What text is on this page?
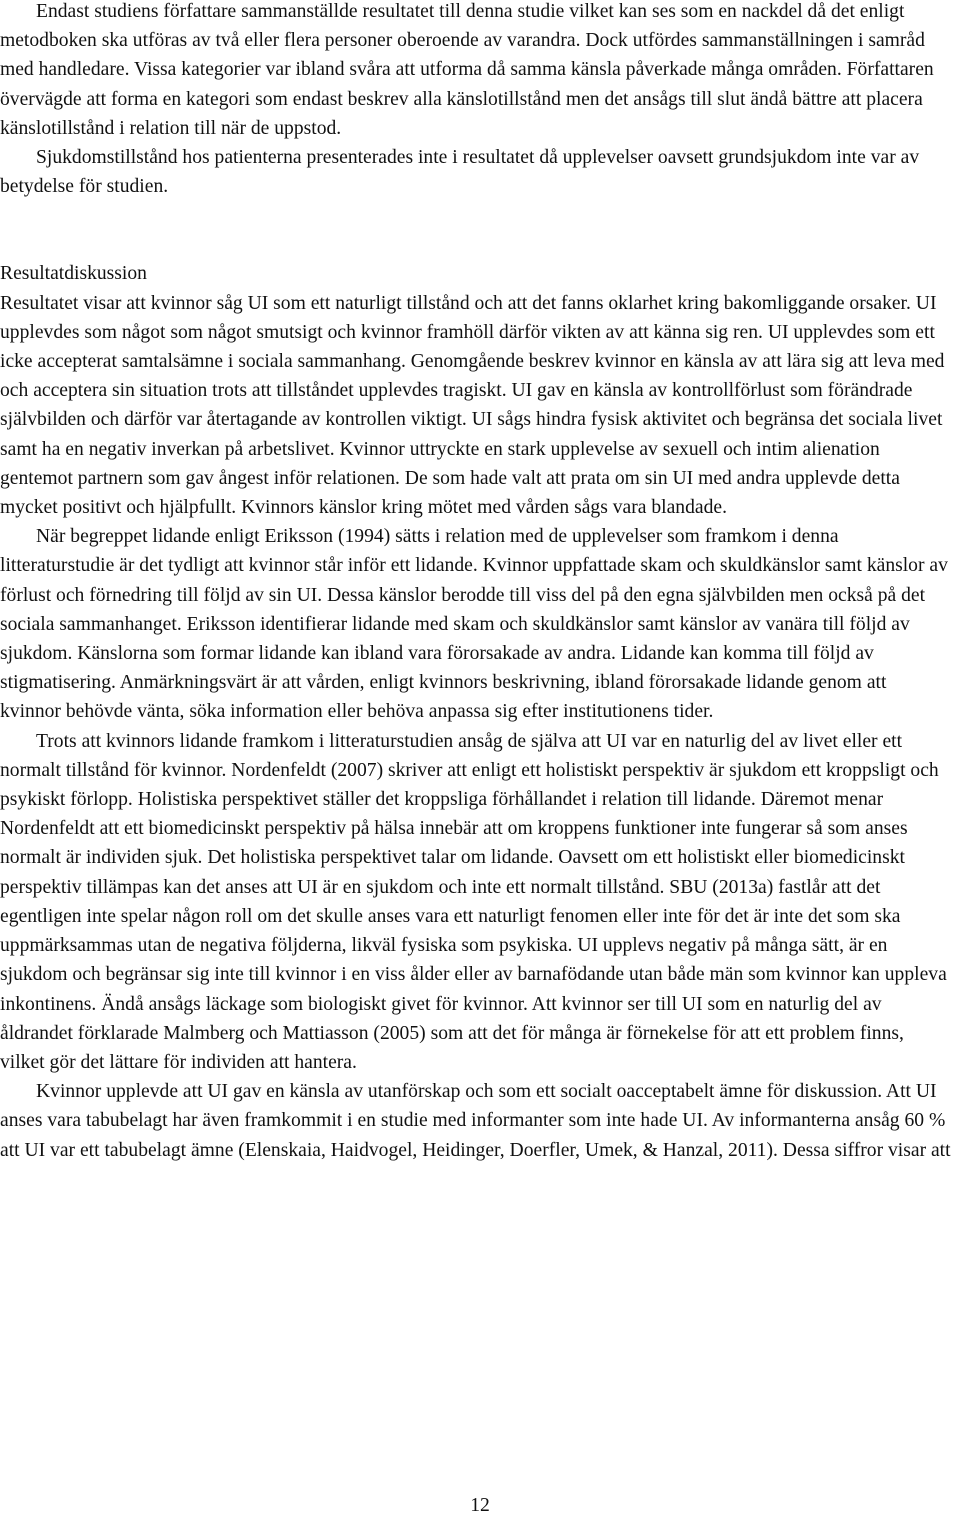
Endast studiens författare sammanställde resultatet till denna studie vilket kan ses som en nackdel då det enligt metodboken ska utföras av två eller flera personer oberoende av varandra. Dock utfördes sammanställningen i samråd med handledare. Vissa kategorier var ibland svåra att utforma då samma känsla påverkade många områden. Författaren övervägde att forma en kategori som endast beskrev alla känslotillstånd men det ansågs till slut ändå bättre att placera känslotillstånd i relation till när de uppstod.

Sjukdomstillstånd hos patienterna presenterades inte i resultatet då upplevelser oavsett grundsjukdom inte var av betydelse för studien.

Resultatdiskussion

Resultatet visar att kvinnor såg UI som ett naturligt tillstånd och att det fanns oklarhet kring bakomliggande orsaker. UI upplevdes som något som något smutsigt och kvinnor framhöll därför vikten av att känna sig ren. UI upplevdes som ett icke accepterat samtalsämne i sociala sammanhang. Genomgående beskrev kvinnor en känsla av att lära sig att leva med och acceptera sin situation trots att tillståndet upplevdes tragiskt. UI gav en känsla av kontrollförlust som förändrade självbilden och därför var återtagande av kontrollen viktigt. UI sågs hindra fysisk aktivitet och begränsa det sociala livet samt ha en negativ inverkan på arbetslivet. Kvinnor uttryckte en stark upplevelse av sexuell och intim alienation gentemot partnern som gav ångest inför relationen. De som hade valt att prata om sin UI med andra upplevde detta mycket positivt och hjälpfullt. Kvinnors känslor kring mötet med vården sågs vara blandade.

När begreppet lidande enligt Eriksson (1994) sätts i relation med de upplevelser som framkom i denna litteraturstudie är det tydligt att kvinnor står inför ett lidande. Kvinnor uppfattade skam och skuldkänslor samt känslor av förlust och förnedring till följd av sin UI. Dessa känslor berodde till viss del på den egna självbilden men också på det sociala sammanhanget. Eriksson identifierar lidande med skam och skuldkänslor samt känslor av vanära till följd av sjukdom. Känslorna som formar lidande kan ibland vara förorsakade av andra. Lidande kan komma till följd av stigmatisering. Anmärkningsvärt är att vården, enligt kvinnors beskrivning, ibland förorsakade lidande genom att kvinnor behövde vänta, söka information eller behöva anpassa sig efter institutionens tider.

Trots att kvinnors lidande framkom i litteraturstudien ansåg de själva att UI var en naturlig del av livet eller ett normalt tillstånd för kvinnor. Nordenfeldt (2007) skriver att enligt ett holistiskt perspektiv är sjukdom ett kroppsligt och psykiskt förlopp. Holistiska perspektivet ställer det kroppsliga förhållandet i relation till lidande. Däremot menar Nordenfeldt att ett biomedicinskt perspektiv på hälsa innebär att om kroppens funktioner inte fungerar så som anses normalt är individen sjuk. Det holistiska perspektivet talar om lidande. Oavsett om ett holistiskt eller biomedicinskt perspektiv tillämpas kan det anses att UI är en sjukdom och inte ett normalt tillstånd. SBU (2013a) fastlår att det egentligen inte spelar någon roll om det skulle anses vara ett naturligt fenomen eller inte för det är inte det som ska uppmärksammas utan de negativa följderna, likväl fysiska som psykiska. UI upplevs negativ på många sätt, är en sjukdom och begränsar sig inte till kvinnor i en viss ålder eller av barnafödande utan både män som kvinnor kan uppleva inkontinens. Ändå ansågs läckage som biologiskt givet för kvinnor. Att kvinnor ser till UI som en naturlig del av åldrandet förklarade Malmberg och Mattiasson (2005) som att det för många är förnekelse för att ett problem finns, vilket gör det lättare för individen att hantera.

Kvinnor upplevde att UI gav en känsla av utanförskap och som ett socialt oacceptabelt ämne för diskussion. Att UI anses vara tabubelagt har även framkommit i en studie med informanter som inte hade UI. Av informanterna ansåg 60 % att UI var ett tabubelagt ämne (Elenskaia, Haidvogel, Heidinger, Doerfler, Umek, & Hanzal, 2011). Dessa siffror visar att

12
